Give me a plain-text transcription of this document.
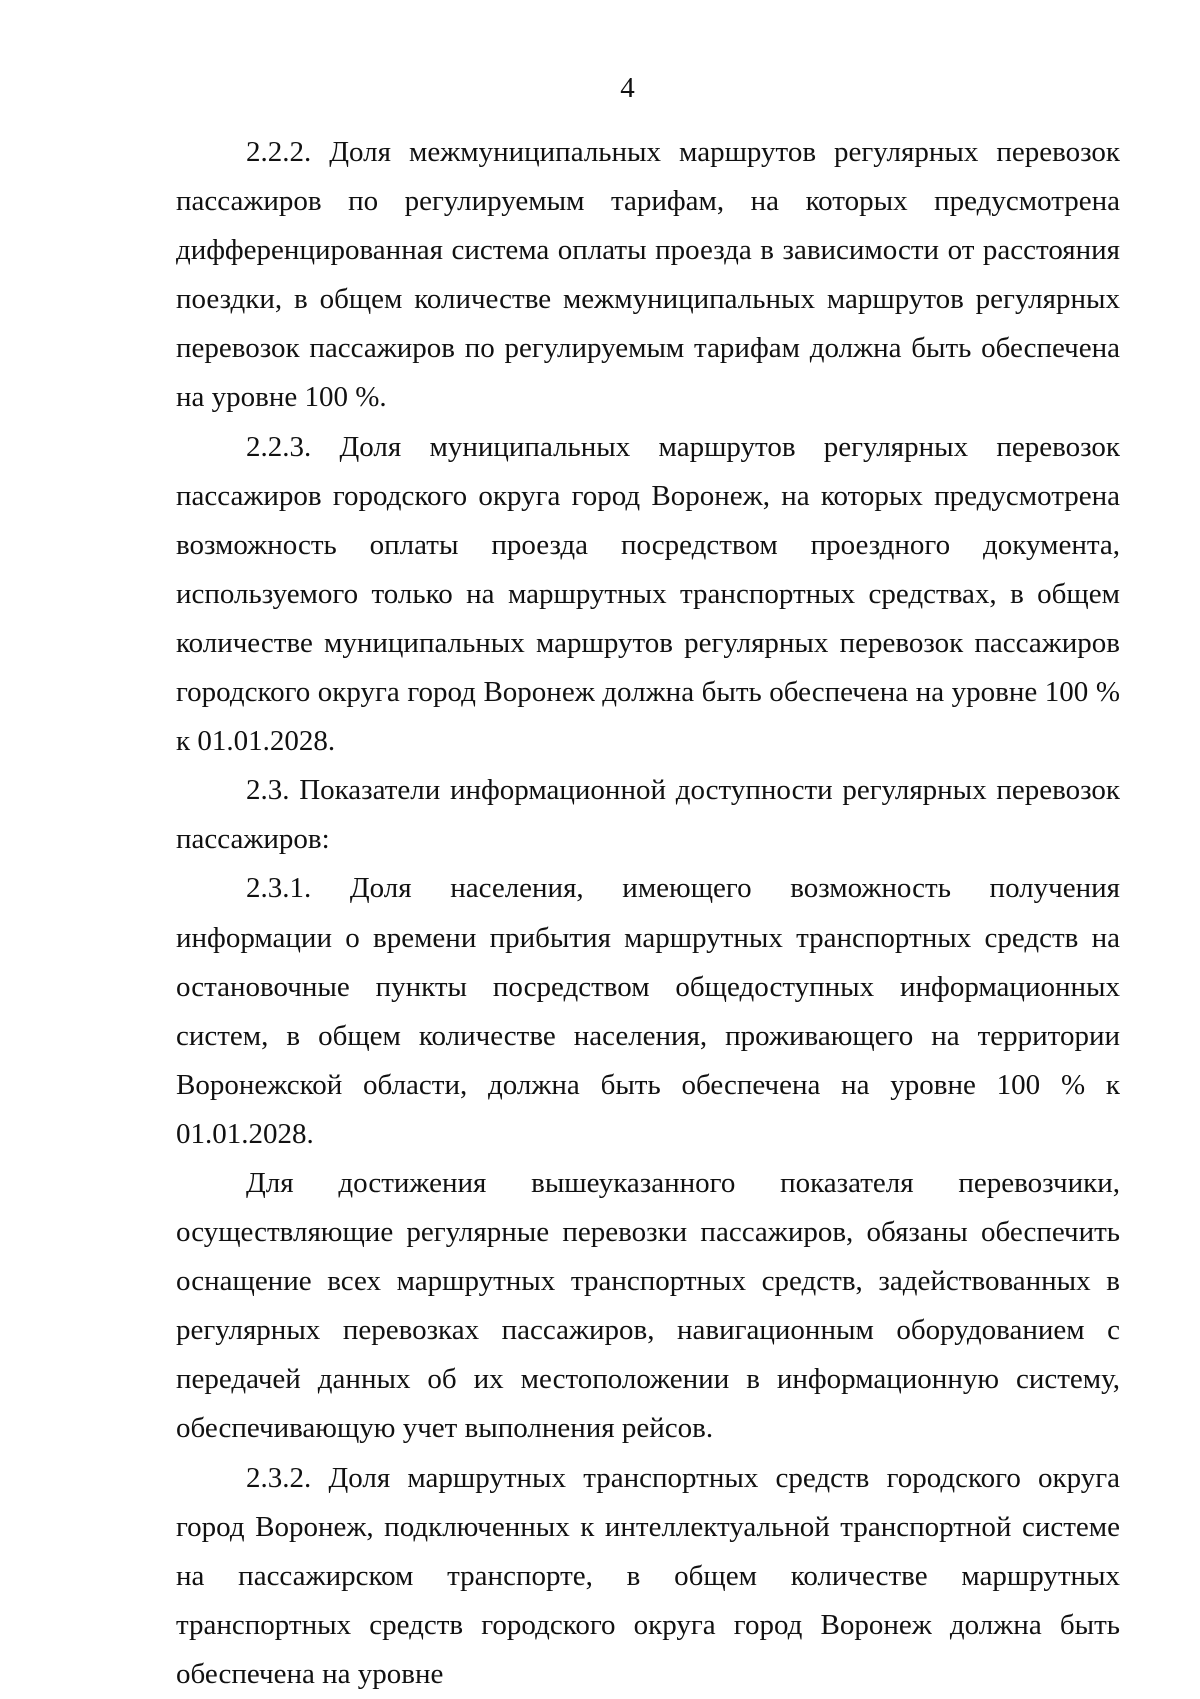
4

2.2.2. Доля межмуниципальных маршрутов регулярных перевозок пассажиров по регулируемым тарифам, на которых предусмотрена дифференцированная система оплаты проезда в зависимости от расстояния поездки, в общем количестве межмуниципальных маршрутов регулярных перевозок пассажиров по регулируемым тарифам должна быть обеспечена на уровне 100 %.

2.2.3. Доля муниципальных маршрутов регулярных перевозок пассажиров городского округа город Воронеж, на которых предусмотрена возможность оплаты проезда посредством проездного документа, используемого только на маршрутных транспортных средствах, в общем количестве муниципальных маршрутов регулярных перевозок пассажиров городского округа город Воронеж должна быть обеспечена на уровне 100 % к 01.01.2028.

2.3. Показатели информационной доступности регулярных перевозок пассажиров:

2.3.1. Доля населения, имеющего возможность получения информации о времени прибытия маршрутных транспортных средств на остановочные пункты посредством общедоступных информационных систем, в общем количестве населения, проживающего на территории Воронежской области, должна быть обеспечена на уровне 100 % к 01.01.2028.

Для достижения вышеуказанного показателя перевозчики, осуществляющие регулярные перевозки пассажиров, обязаны обеспечить оснащение всех маршрутных транспортных средств, задействованных в регулярных перевозках пассажиров, навигационным оборудованием с передачей данных об их местоположении в информационную систему, обеспечивающую учет выполнения рейсов.

2.3.2. Доля маршрутных транспортных средств городского округа город Воронеж, подключенных к интеллектуальной транспортной системе на пассажирском транспорте, в общем количестве маршрутных транспортных средств городского округа город Воронеж должна быть обеспечена на уровне
